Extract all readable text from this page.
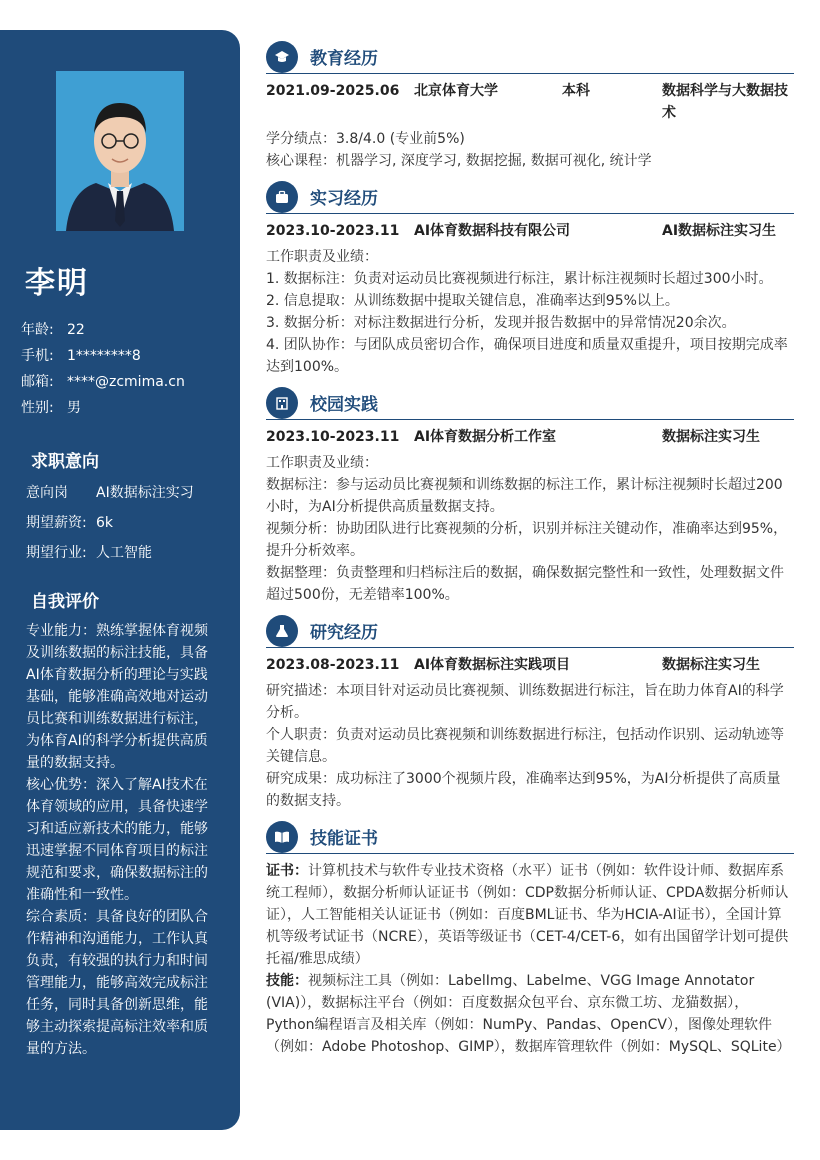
李明
年龄: 22
手机: 1********8
邮箱: ****@zcmima.cn
性别: 男
求职意向
意向岗	AI数据标注实习
期望薪资: 6k
期望行业: 人工智能
自我评价

专业能力：熟练掌握体育视频及训练数据的标注技能，具备AI体育数据分析的理论与实践基础，能够准确高效地对运动员比赛和训练数据进行标注，为体育AI的科学分析提供高质量的数据支持。

核心优势：深入了解AI技术在体育领域的应用，具备快速学习和适应新技术的能力，能够迅速掌握不同体育项目的标注规范和要求，确保数据标注的准确性和一致性。

综合素质：具备良好的团队合作精神和沟通能力，工作认真负责，有较强的执行力和时间管理能力，能够高效完成标注任务，同时具备创新思维，能够主动探索提高标注效率和质量的方法。

教育经历
2021.09-2025.06	北京体育大学	本科	数据科学与大数据技术
学分绩点：3.8/4.0 (专业前5%)
核心课程：机器学习, 深度学习, 数据挖掘, 数据可视化, 统计学
实习经历
2023.10-2023.11	AI体育数据科技有限公司	AI数据标注实习生
工作职责及业绩：
1. 数据标注：负责对运动员比赛视频进行标注，累计标注视频时长超过300小时。
2. 信息提取：从训练数据中提取关键信息，准确率达到95%以上。
3. 数据分析：对标注数据进行分析，发现并报告数据中的异常情况20余次。
4. 团队协作：与团队成员密切合作，确保项目进度和质量双重提升，项目按期完成率达到100%。
校园实践
2023.10-2023.11	AI体育数据分析工作室	数据标注实习生
工作职责及业绩：
数据标注：参与运动员比赛视频和训练数据的标注工作，累计标注视频时长超过200小时，为AI分析提供高质量数据支持。
视频分析：协助团队进行比赛视频的分析，识别并标注关键动作，准确率达到95%，提升分析效率。
数据整理：负责整理和归档标注后的数据，确保数据完整性和一致性，处理数据文件超过500份，无差错率100%。
研究经历
2023.08-2023.11	AI体育数据标注实践项目	数据标注实习生
研究描述：本项目针对运动员比赛视频、训练数据进行标注，旨在助力体育AI的科学分析。
个人职责：负责对运动员比赛视频和训练数据进行标注，包括动作识别、运动轨迹等关键信息。
研究成果：成功标注了3000个视频片段，准确率达到95%，为AI分析提供了高质量的数据支持。
技能证书
证书：计算机技术与软件专业技术资格（水平）证书（例如：软件设计师、数据库系统工程师），数据分析师认证证书（例如：CDP数据分析师认证、CPDA数据分析师认证），人工智能相关认证证书（例如：百度BML证书、华为HCIA-AI证书），全国计算机等级考试证书（NCRE），英语等级证书（CET-4/CET-6，如有出国留学计划可提供托福/雅思成绩）
技能：视频标注工具（例如：LabelImg、Labelme、VGG Image Annotator (VIA)），数据标注平台（例如：百度数据众包平台、京东微工坊、龙猫数据），Python编程语言及相关库（例如：NumPy、Pandas、OpenCV），图像处理软件（例如：Adobe Photoshop、GIMP），数据库管理软件（例如：MySQL、SQLite）
